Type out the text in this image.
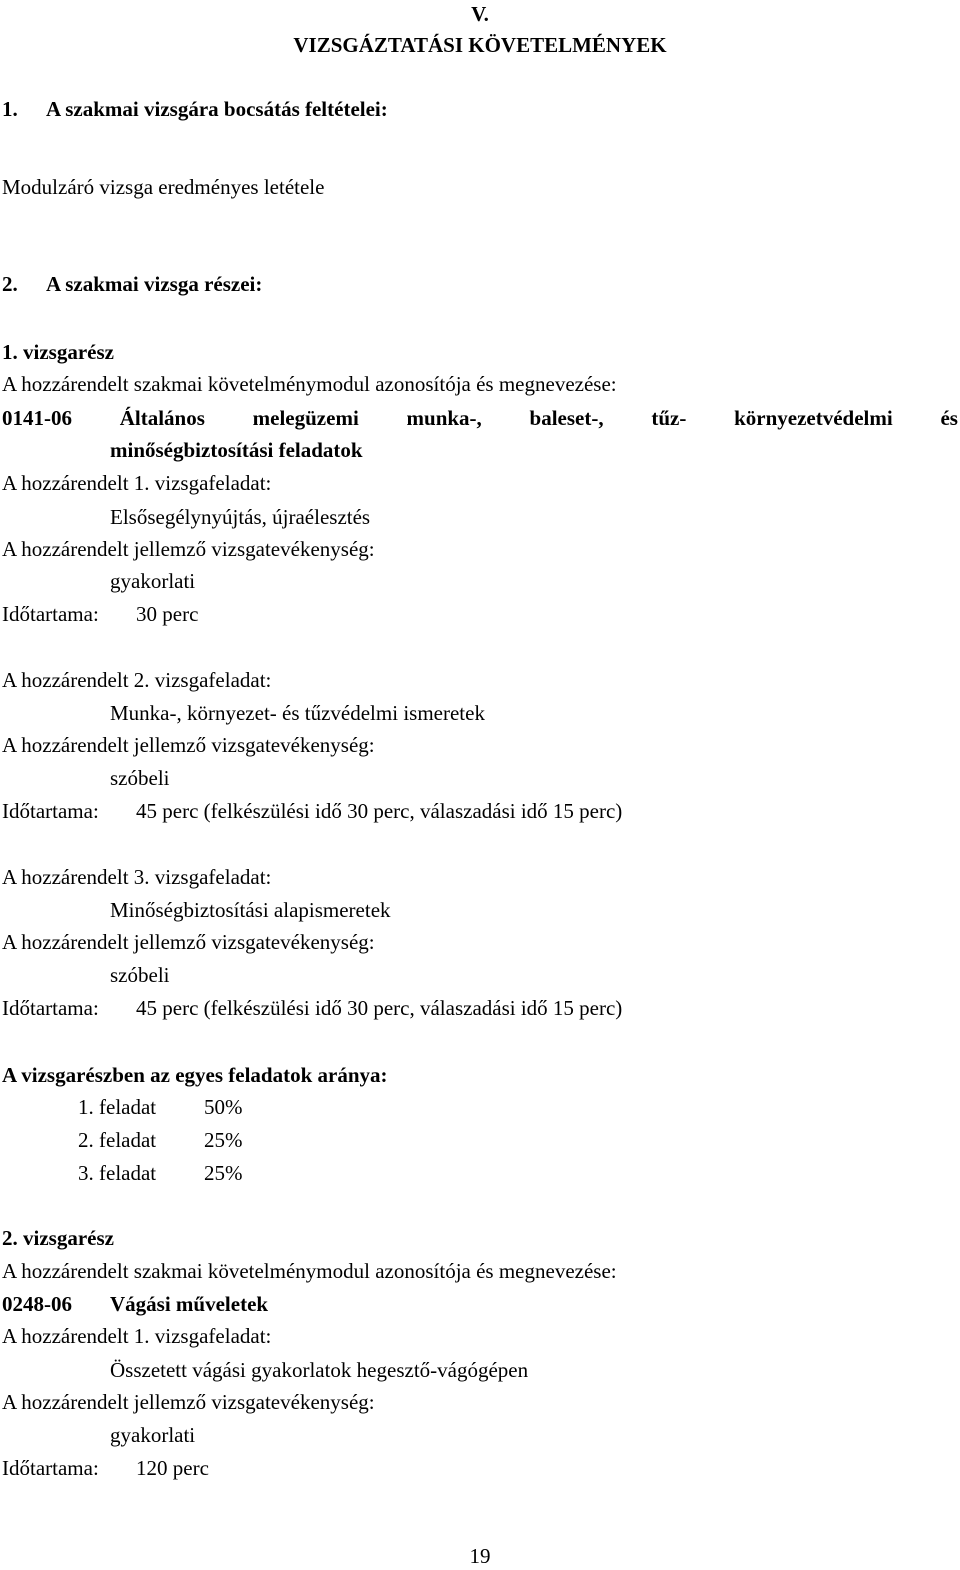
V.
VIZSGÁZTATÁSI KÖVETELMÉNYEK
1. A szakmai vizsgára bocsátás feltételei:
Modulzáró vizsga eredményes letétele
2. A szakmai vizsga részei:
1. vizsgarész
A hozzárendelt szakmai követelménymodul azonosítója és megnevezése:
0141-06 Általános melegüzemi munka-, baleset-, tűz- környezetvédelmi és
minőségbiztosítási feladatok
A hozzárendelt 1. vizsgafeladat:
Elsősegélynyújtás, újraélesztés
A hozzárendelt jellemző vizsgatevékenység:
gyakorlati
Időtartama: 30 perc
A hozzárendelt 2. vizsgafeladat:
Munka-, környezet- és tűzvédelmi ismeretek
A hozzárendelt jellemző vizsgatevékenység:
szóbeli
Időtartama: 45 perc (felkészülési idő 30 perc, válaszadási idő 15 perc)
A hozzárendelt 3. vizsgafeladat:
Minőségbiztosítási alapismeretek
A hozzárendelt jellemző vizsgatevékenység:
szóbeli
Időtartama: 45 perc (felkészülési idő 30 perc, válaszadási idő 15 perc)
A vizsgarészben az egyes feladatok aránya:
1. feladat 50%
2. feladat 25%
3. feladat 25%
2. vizsgarész
A hozzárendelt szakmai követelménymodul azonosítója és megnevezése:
0248-06 Vágási műveletek
A hozzárendelt 1. vizsgafeladat:
Összetett vágási gyakorlatok hegesztő-vágógépen
A hozzárendelt jellemző vizsgatevékenység:
gyakorlati
Időtartama: 120 perc
19
